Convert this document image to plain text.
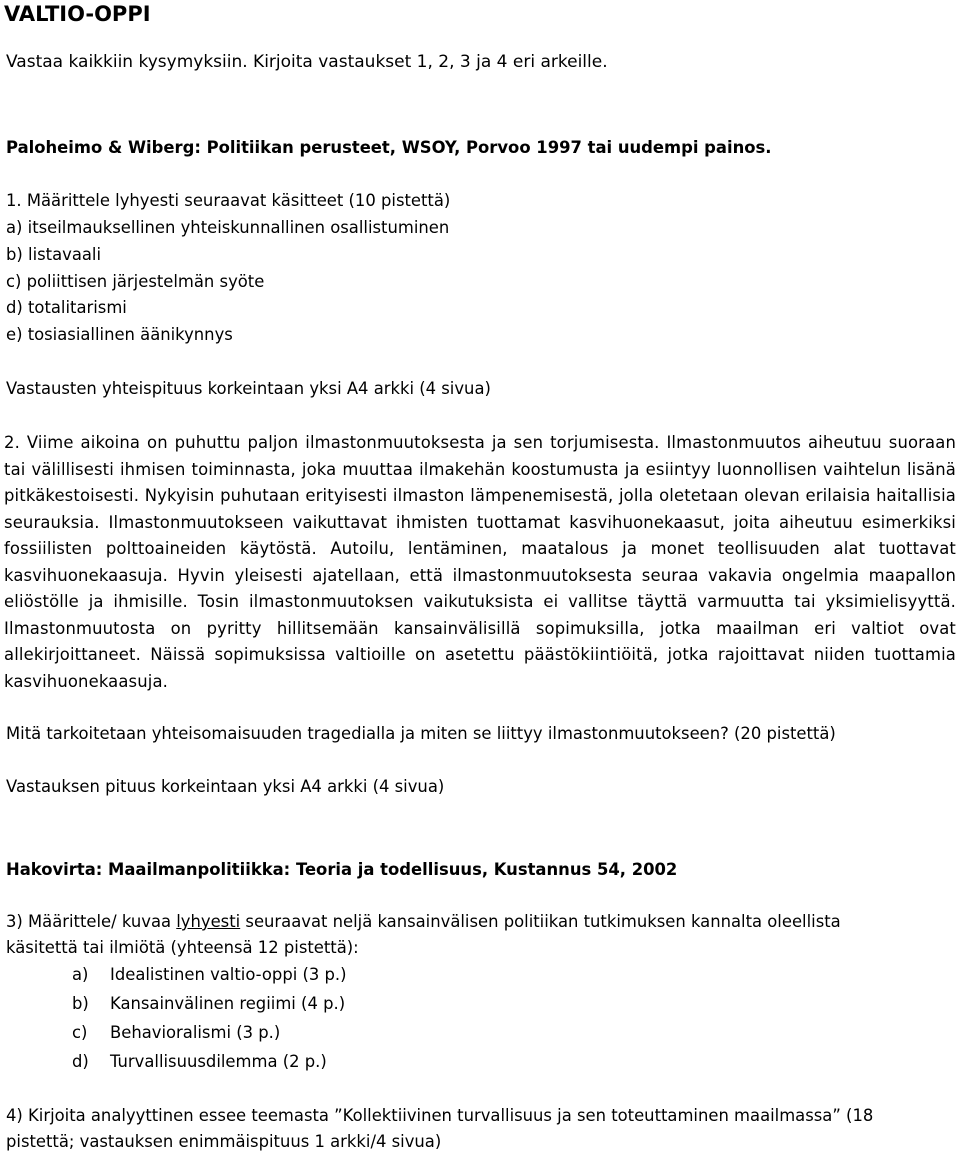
VALTIO-OPPI
Vastaa kaikkiin kysymyksiin. Kirjoita vastaukset 1, 2, 3 ja 4 eri arkeille.
Paloheimo & Wiberg: Politiikan perusteet, WSOY, Porvoo 1997 tai uudempi painos.
1. Määrittele lyhyesti seuraavat käsitteet (10 pistettä)
a) itseilmauksellinen yhteiskunnallinen osallistuminen
b) listavaali
c) poliittisen järjestelmän syöte
d) totalitarismi
e) tosiasiallinen äänikynnys
Vastausten yhteispituus korkeintaan yksi A4 arkki (4 sivua)
2. Viime aikoina on puhuttu paljon ilmastonmuutoksesta ja sen torjumisesta. Ilmastonmuutos aiheutuu suoraan tai välillisesti ihmisen toiminnasta, joka muuttaa ilmakehän koostumusta ja esiintyy luonnollisen vaihtelun lisänä pitkäkestoisesti. Nykyisin puhutaan erityisesti ilmaston lämpenemisestä, jolla oletetaan olevan erilaisia haitallisia seurauksia. Ilmastonmuutokseen vaikuttavat ihmisten tuottamat kasvihuonekaasut, joita aiheutuu esimerkiksi fossiilisten polttoaineiden käytöstä. Autoilu, lentäminen, maatalous ja monet teollisuuden alat tuottavat kasvihuonekaasuja. Hyvin yleisesti ajatellaan, että ilmastonmuutoksesta seuraa vakavia ongelmia maapallon eliöstölle ja ihmisille. Tosin ilmastonmuutoksen vaikutuksista ei vallitse täyttä varmuutta tai yksimielisyyttä. Ilmastonmuutosta on pyritty hillitsemään kansainvälisillä sopimuksilla, jotka maailman eri valtiot ovat allekirjoittaneet. Näissä sopimuksissa valtioille on asetettu päästökiintiöitä, jotka rajoittavat niiden tuottamia kasvihuonekaasuja.
Mitä tarkoitetaan yhteisomaisuuden tragedialla ja miten se liittyy ilmastonmuutokseen? (20 pistettä)
Vastauksen pituus korkeintaan yksi A4 arkki (4 sivua)
Hakovirta: Maailmanpolitiikka: Teoria ja todellisuus, Kustannus 54, 2002
3) Määrittele/ kuvaa lyhyesti seuraavat neljä kansainvälisen politiikan tutkimuksen kannalta oleellista
käsitettä tai ilmiötä (yhteensä 12 pistettä):
a) Idealistinen valtio-oppi (3 p.)
b) Kansainvälinen regiimi (4 p.)
c) Behavioralismi (3 p.)
d) Turvallisuusdilemma (2 p.)
4) Kirjoita analyyttinen essee teemasta ”Kollektiivinen turvallisuus ja sen toteuttaminen maailmassa” (18
pistettä; vastauksen enimmäispituus 1 arkki/4 sivua)
